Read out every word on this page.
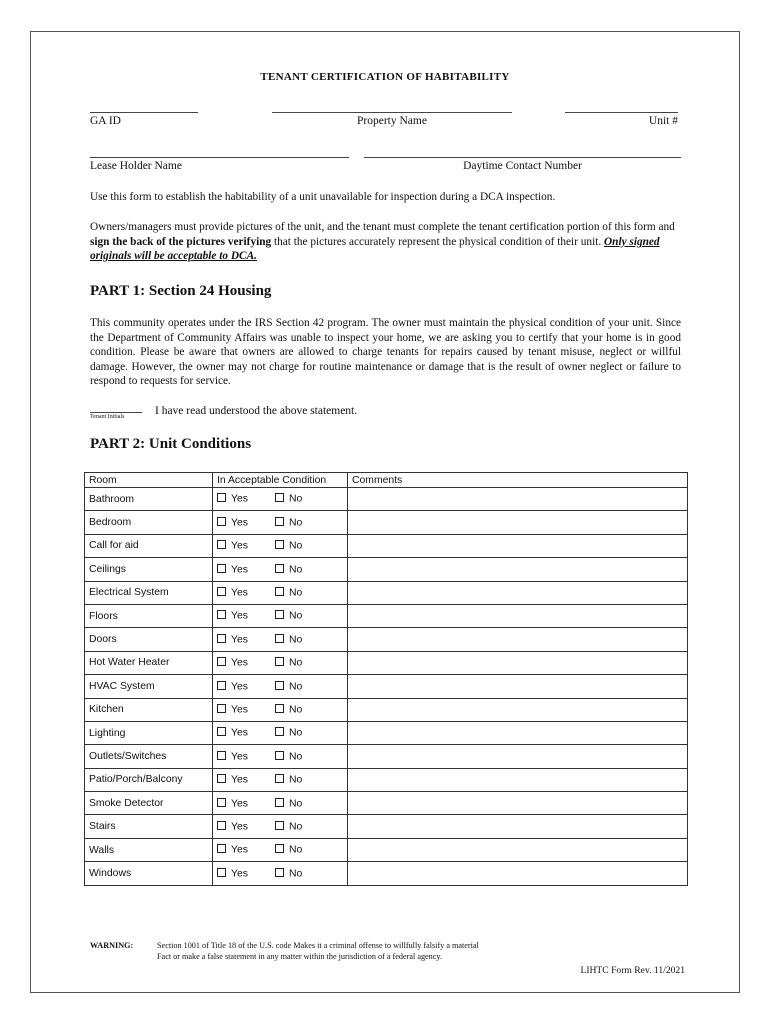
TENANT CERTIFICATION OF HABITABILITY
GA ID	Property Name	Unit #
Lease Holder Name	Daytime Contact Number
Use this form to establish the habitability of a unit unavailable for inspection during a DCA inspection.
Owners/managers must provide pictures of the unit, and the tenant must complete the tenant certification portion of this form and sign the back of the pictures verifying that the pictures accurately represent the physical condition of their unit. Only signed originals will be acceptable to DCA.
PART 1: Section 24 Housing
This community operates under the IRS Section 42 program. The owner must maintain the physical condition of your unit. Since the Department of Community Affairs was unable to inspect your home, we are asking you to certify that your home is in good condition. Please be aware that owners are allowed to charge tenants for repairs caused by tenant misuse, neglect or willful damage. However, the owner may not charge for routine maintenance or damage that is the result of owner neglect or failure to respond to requests for service.
Tenant Initials	I have read understood the above statement.
PART 2: Unit Conditions
Room	In Acceptable Condition	Comments
Bathroom	Yes No	
Bedroom	Yes No	
Call for aid	Yes No	
Ceilings	Yes No	
Electrical System	Yes No	
Floors	Yes No	
Doors	Yes No	
Hot Water Heater	Yes No	
HVAC System	Yes No	
Kitchen	Yes No	
Lighting	Yes No	
Outlets/Switches	Yes No	
Patio/Porch/Balcony	Yes No	
Smoke Detector	Yes No	
Stairs	Yes No	
Walls	Yes No	
Windows	Yes No	
WARNING:	Section 1001 of Title 18 of the U.S. code Makes it a criminal offense to willfully falsify a material
Fact or make a false statement in any matter within the jurisdiction of a federal agency.
LIHTC Form Rev. 11/2021
